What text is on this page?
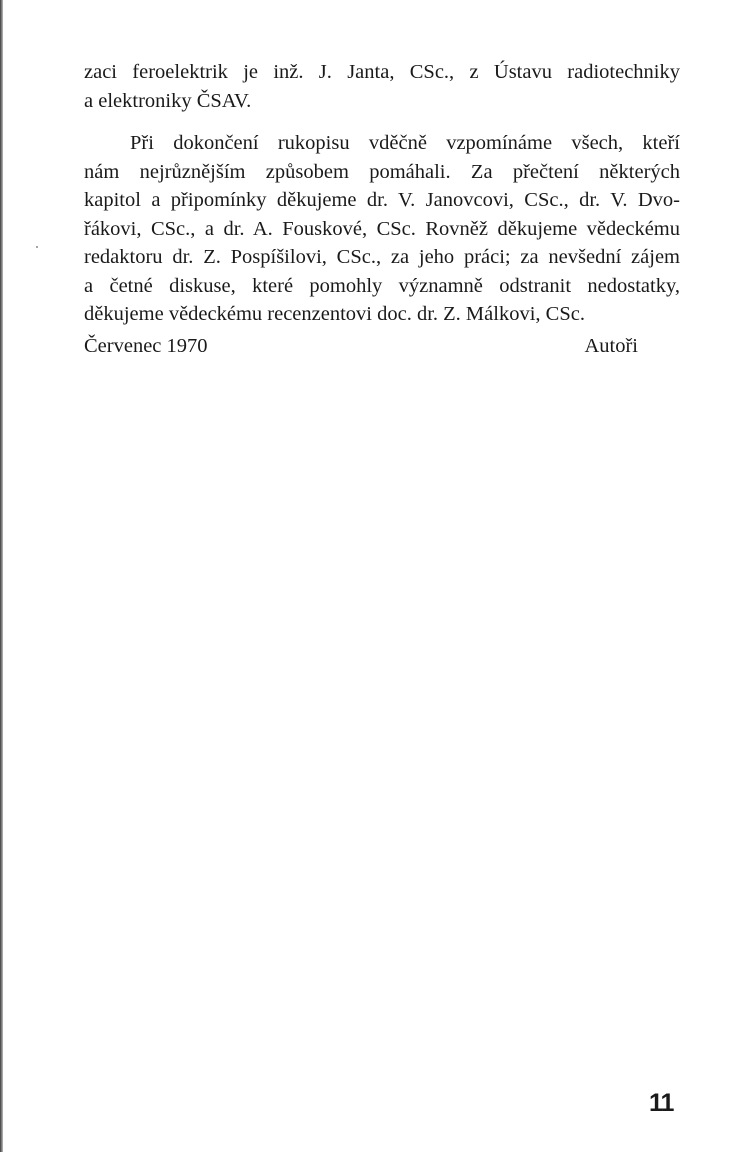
zaci feroelektrik je inž. J. Janta, CSc., z Ústavu radiotechniky
a elektroniky ČSAV.
Při dokončení rukopisu vděčně vzpomínáme všech, kteří
nám nejrůznějším způsobem pomáhali. Za přečtení některých
kapitol a připomínky děkujeme dr. V. Janovcovi, CSc., dr. V. Dvo-
řákovi, CSc., a dr. A. Fouskové, CSc. Rovněž děkujeme vědeckému
redaktoru dr. Z. Pospíšilovi, CSc., za jeho práci; za nevšední zájem
a četné diskuse, které pomohly významně odstranit nedostatky,
děkujeme vědeckému recenzentovi doc. dr. Z. Málkovi, CSc.
Červenec 1970	Autoři
11
